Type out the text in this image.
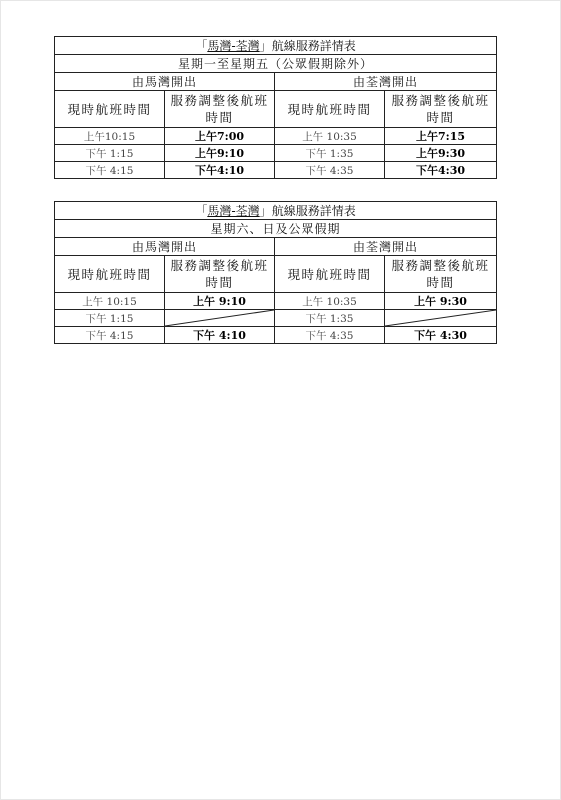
「馬灣-荃灣」航線服務詳情表			
星期一至星期五（公眾假期除外）			
由馬灣開出		由荃灣開出	
現時航班時間	服務調整後航班時間	現時航班時間	服務調整後航班時間
上午10:15	上午7:00	上午 10:35	上午7:15
下午 1:15	上午9:10	下午 1:35	上午9:30
下午 4:15	下午4:10	下午 4:35	下午4:30
「馬灣-荃灣」航線服務詳情表			
星期六、日及公眾假期			
由馬灣開出		由荃灣開出	
現時航班時間	服務調整後航班時間	現時航班時間	服務調整後航班時間
上午 10:15	上午 9:10	上午 10:35	上午 9:30
下午 1:15		下午 1:35	

下午 4:15	下午 4:10	下午 4:35	下午 4:30
